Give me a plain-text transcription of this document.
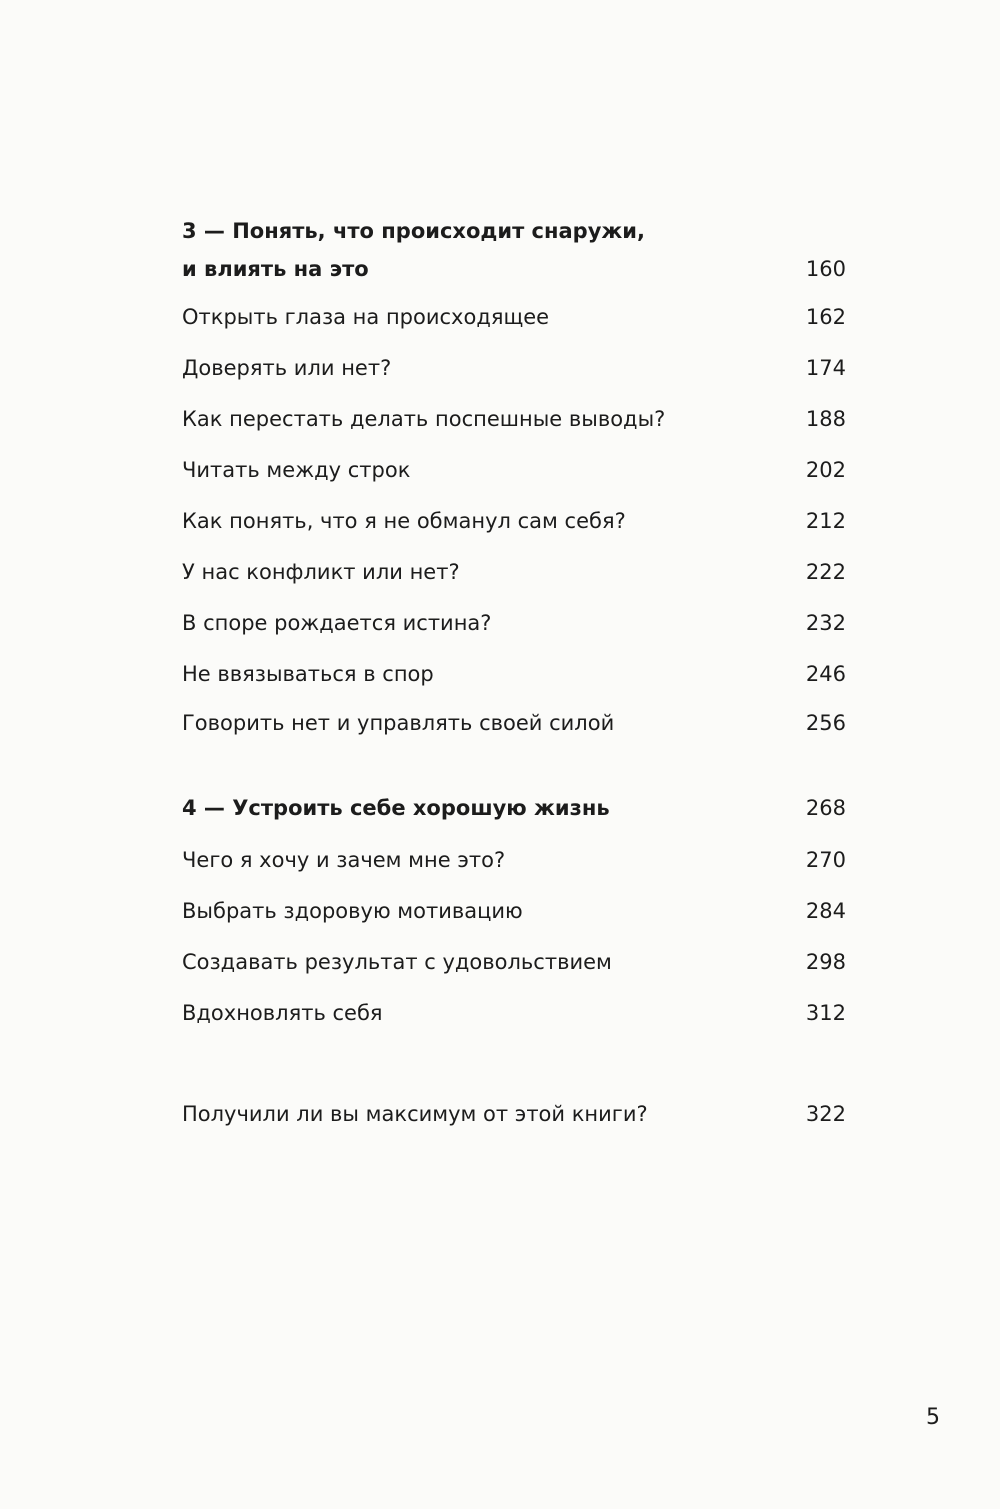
3 — Понять, что происходит снаружи,
и влиять на это	160
Открыть глаза на происходящее	162
Доверять или нет?	174
Как перестать делать поспешные выводы?	188
Читать между строк	202
Как понять, что я не обманул сам себя?	212
У нас конфликт или нет?	222
В споре рождается истина?	232
Не ввязываться в спор	246
Говорить нет и управлять своей силой	256
4 — Устроить себе хорошую жизнь	268
Чего я хочу и зачем мне это?	270
Выбрать здоровую мотивацию	284
Создавать результат с удовольствием	298
Вдохновлять себя	312
Получили ли вы максимум от этой книги?	322
5
